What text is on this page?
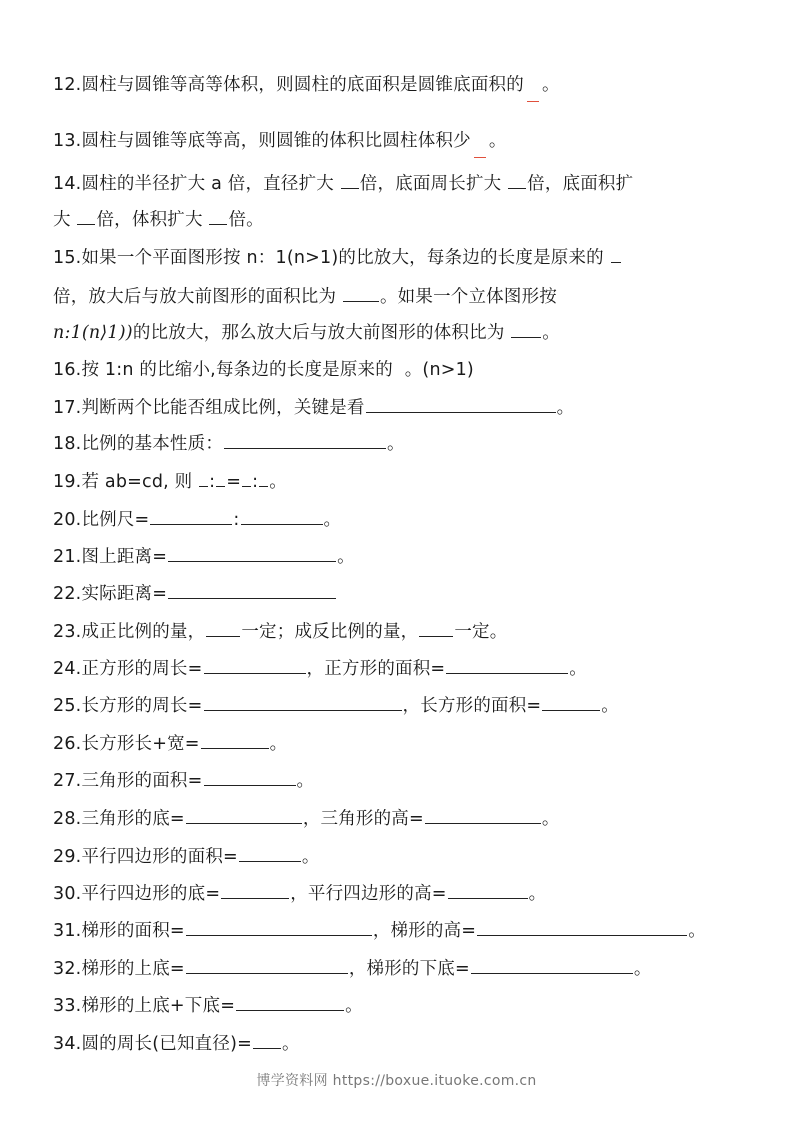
12.圆柱与圆锥等高等体积，则圆柱的底面积是圆锥底面积的 。
13.圆柱与圆锥等底等高，则圆锥的体积比圆柱体积少 。
14.圆柱的半径扩大 a 倍，直径扩大 倍，底面周长扩大 倍，底面积扩
大 倍，体积扩大 倍。
15.如果一个平面图形按 n：1(n>1)的比放大，每条边的长度是原来的
倍，放大后与放大前图形的面积比为 。如果一个立体图形按
n:1(n⟩1))的比放大，那么放大后与放大前图形的体积比为 。
16.按 1:n 的比缩小,每条边的长度是原来的 。(n>1)
17.判断两个比能否组成比例，关键是看	。
18.比例的基本性质：	。
19.若 ab=cd, 则 : = : 。
20.比例尺=	:	。
21.图上距离=	。
22.实际距离=
23.成正比例的量， 一定；成反比例的量， 一定。
24.正方形的周长=	，正方形的面积=	。
25.长方形的周长=	，长方形的面积=	。
26.长方形长+宽=	。
27.三角形的面积=	。
28.三角形的底=	，三角形的高=	。
29.平行四边形的面积=	。
30.平行四边形的底=	，平行四边形的高=	。
31.梯形的面积=	，梯形的高=	。
32.梯形的上底=	，梯形的下底=	。
33.梯形的上底+下底=	。
34.圆的周长(已知直径)= 。
博学资料网 https://boxue.ituoke.com.cn
